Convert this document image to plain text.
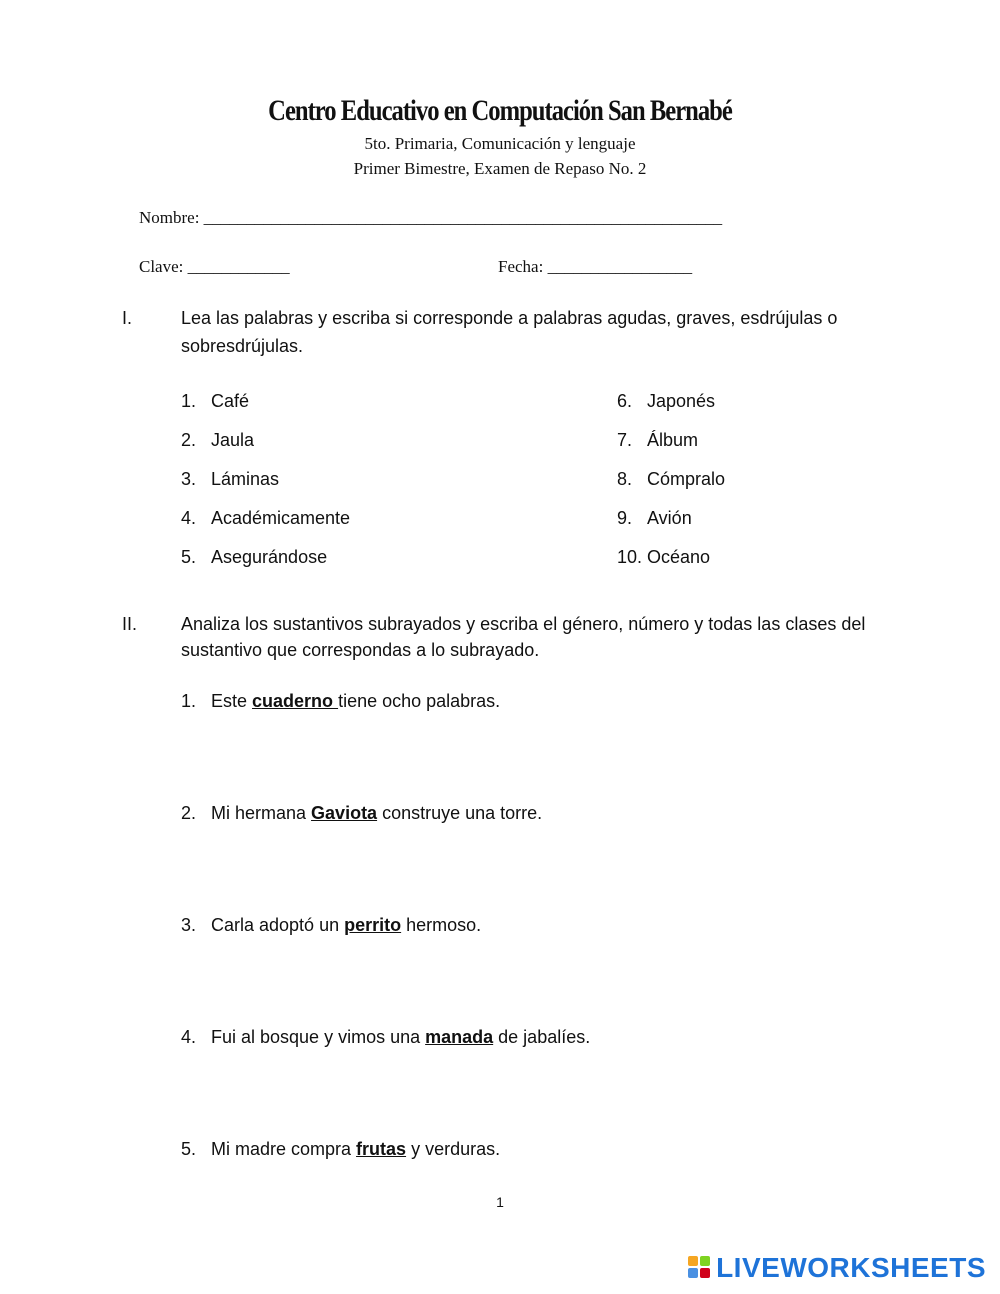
Centro Educativo en Computación San Bernabé
5to. Primaria, Comunicación y lenguaje
Primer Bimestre, Examen de Repaso No. 2
Nombre: _____________________________________________________________
Clave: ____________	Fecha: _________________
I.	Lea las palabras y escriba si corresponde a palabras agudas, graves, esdrújulas o
sobresdrújulas.
1. Café
2. Jaula
3. Láminas
4. Académicamente
5. Asegurándose
6. Japonés
7. Álbum
8. Cómpralo
9. Avión
10. Océano
II. Analiza los sustantivos subrayados y escriba el género, número y todas las clases del
sustantivo que correspondas a lo subrayado.
1. Este cuaderno tiene ocho palabras.
2. Mi hermana Gaviota construye una torre.
3. Carla adoptó un perrito hermoso.
4. Fui al bosque y vimos una manada de jabalíes.
5. Mi madre compra frutas y verduras.
1
LIVEWORKSHEETS
